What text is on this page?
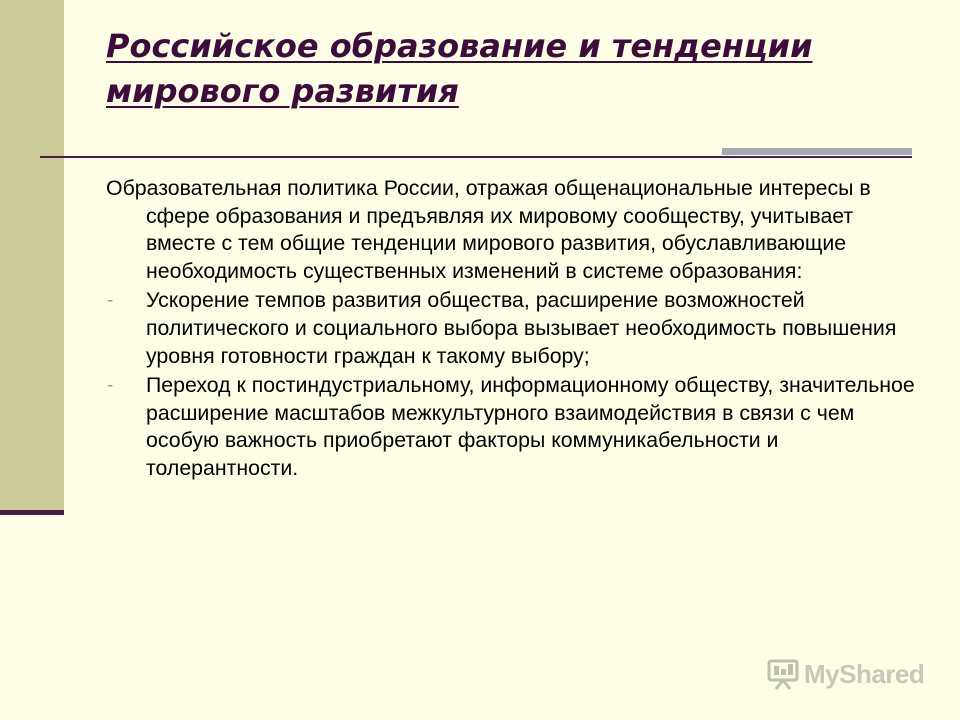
Российское образование и тенденции мирового развития

Образовательная политика России, отражая общенациональные интересы в сфере образования и предъявляя их мировому сообществу, учитывает вместе с тем общие тенденции мирового развития, обуславливающие необходимость существенных изменений в системе образования:

- Ускорение темпов развития общества, расширение возможностей политического и социального выбора вызывает необходимость повышения уровня готовности граждан к такому выбору;
- Переход к постиндустриальному, информационному обществу, значительное расширение масштабов межкультурного взаимодействия в связи с чем особую важность приобретают факторы коммуникабельности и толерантности.
MyShared
